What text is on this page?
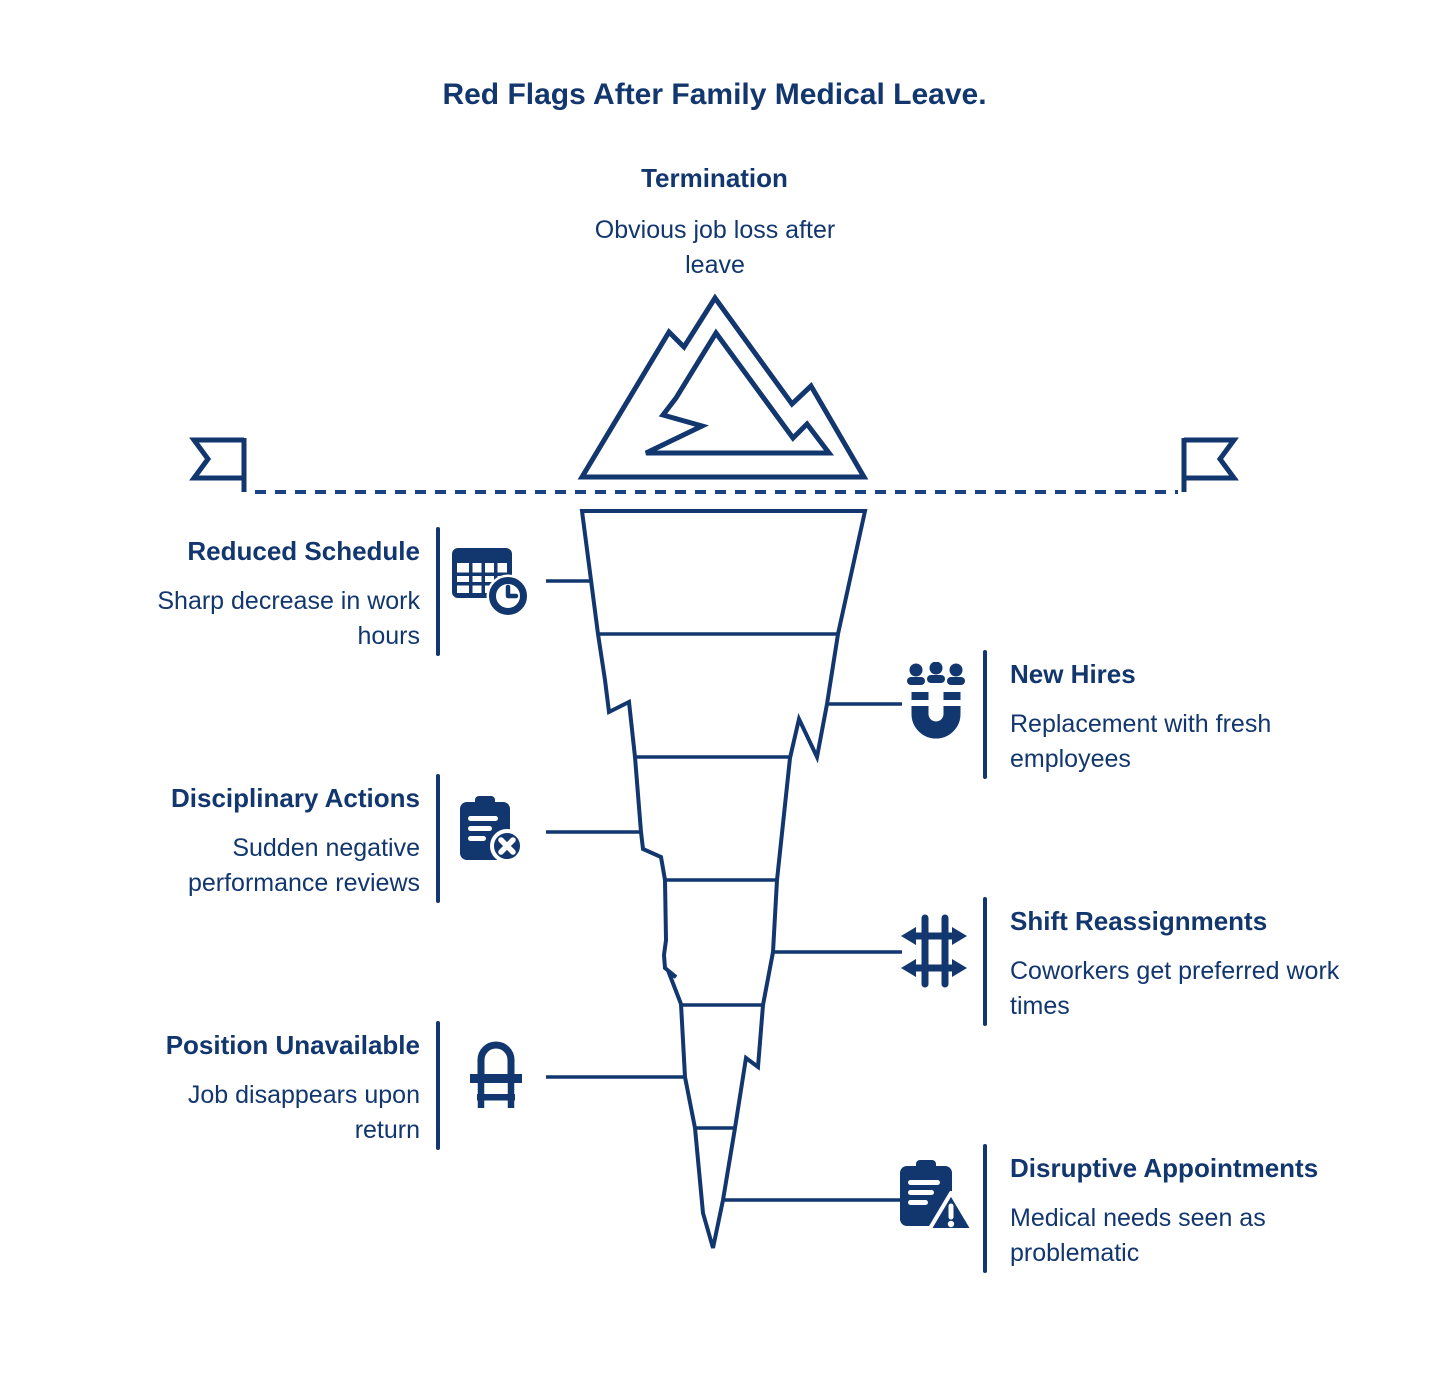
Red Flags After Family Medical Leave.
Termination
Obvious job loss after leave
Reduced Schedule
Sharp decrease in work hours
New Hires
Replacement with fresh employees
Disciplinary Actions
Sudden negative performance reviews
Shift Reassignments
Coworkers get preferred work times
Position Unavailable
Job disappears upon return
Disruptive Appointments
Medical needs seen as problematic
